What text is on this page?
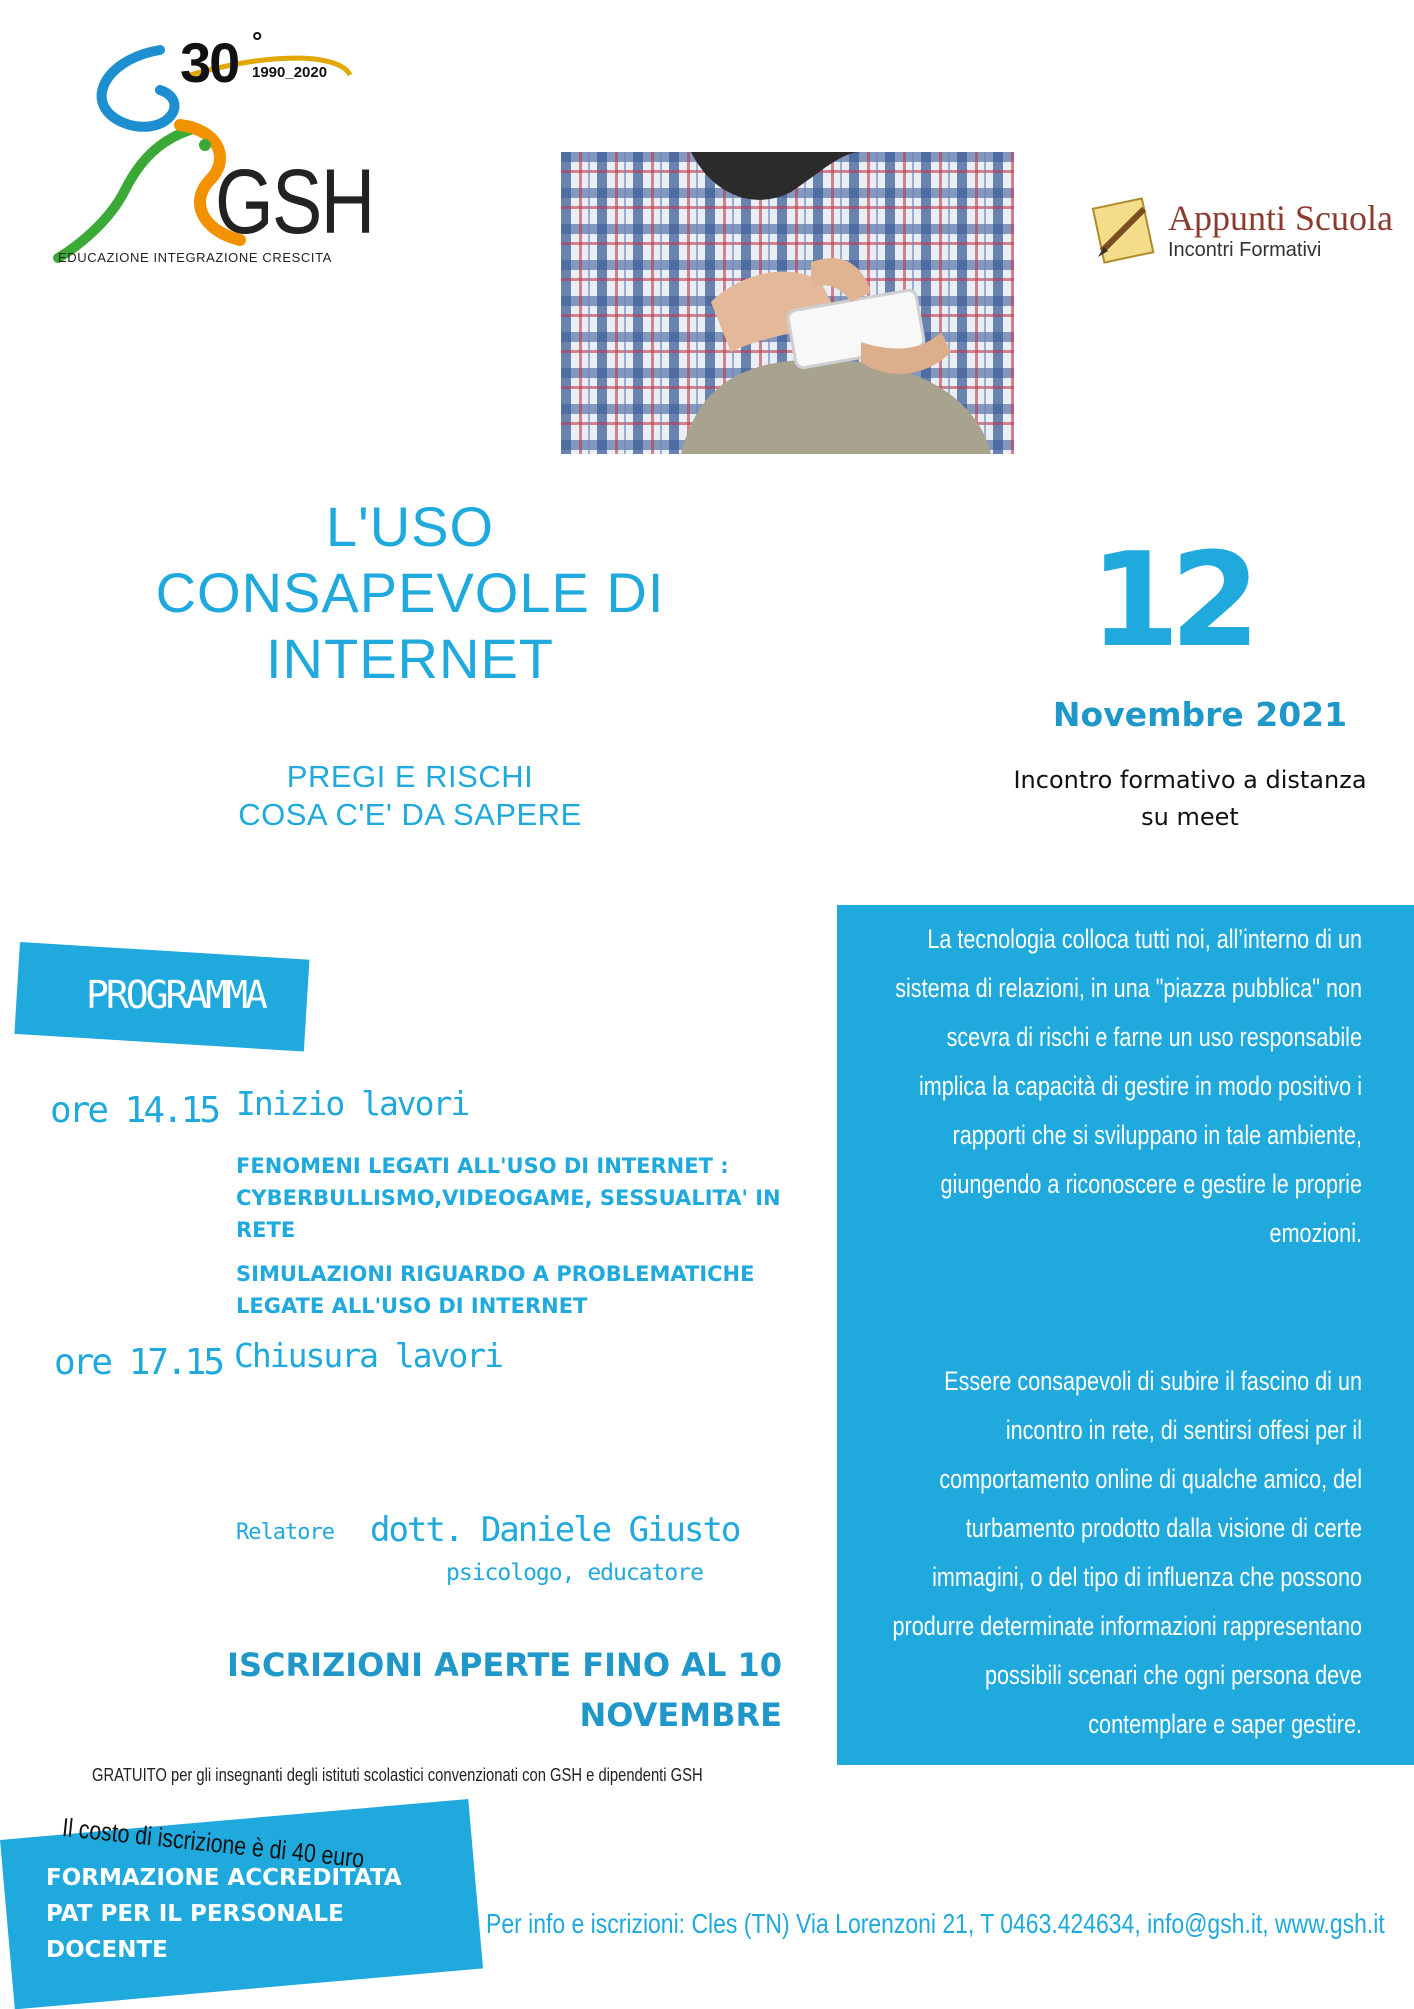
30 °
1990_2020
GSH
EDUCAZIONE INTEGRAZIONE CRESCITA
Appunti Scuola
Incontri Formativi
L'USO
CONSAPEVOLE DI
INTERNET
PREGI E RISCHI
COSA C'E' DA SAPERE
12
Novembre 2021
Incontro formativo a distanza
su meet
PROGRAMMA
ore 14.15 Inizio lavori
FENOMENI LEGATI ALL'USO DI INTERNET : CYBERBULLISMO,VIDEOGAME, SESSUALITA' IN RETE
SIMULAZIONI RIGUARDO A PROBLEMATICHE LEGATE ALL'USO DI INTERNET
ore 17.15 Chiusura lavori
Relatore dott. Daniele Giusto
psicologo, educatore
ISCRIZIONI APERTE FINO AL 10 NOVEMBRE
GRATUITO per gli insegnanti degli istituti scolastici convenzionati con GSH e dipendenti GSH
Il costo di iscrizione è di 40 euro
FORMAZIONE ACCREDITATA PAT PER IL PERSONALE DOCENTE
Per info e iscrizioni: Cles (TN) Via Lorenzoni 21, T 0463.424634, info@gsh.it, www.gsh.it
La tecnologia colloca tutti noi, all’interno di un sistema di relazioni, in una "piazza pubblica" non scevra di rischi e farne un uso responsabile implica la capacità di gestire in modo positivo i rapporti che si sviluppano in tale ambiente, giungendo a riconoscere e gestire le proprie emozioni.
Essere consapevoli di subire il fascino di un incontro in rete, di sentirsi offesi per il comportamento online di qualche amico, del turbamento prodotto dalla visione di certe immagini, o del tipo di influenza che possono produrre determinate informazioni rappresentano possibili scenari che ogni persona deve contemplare e saper gestire.
